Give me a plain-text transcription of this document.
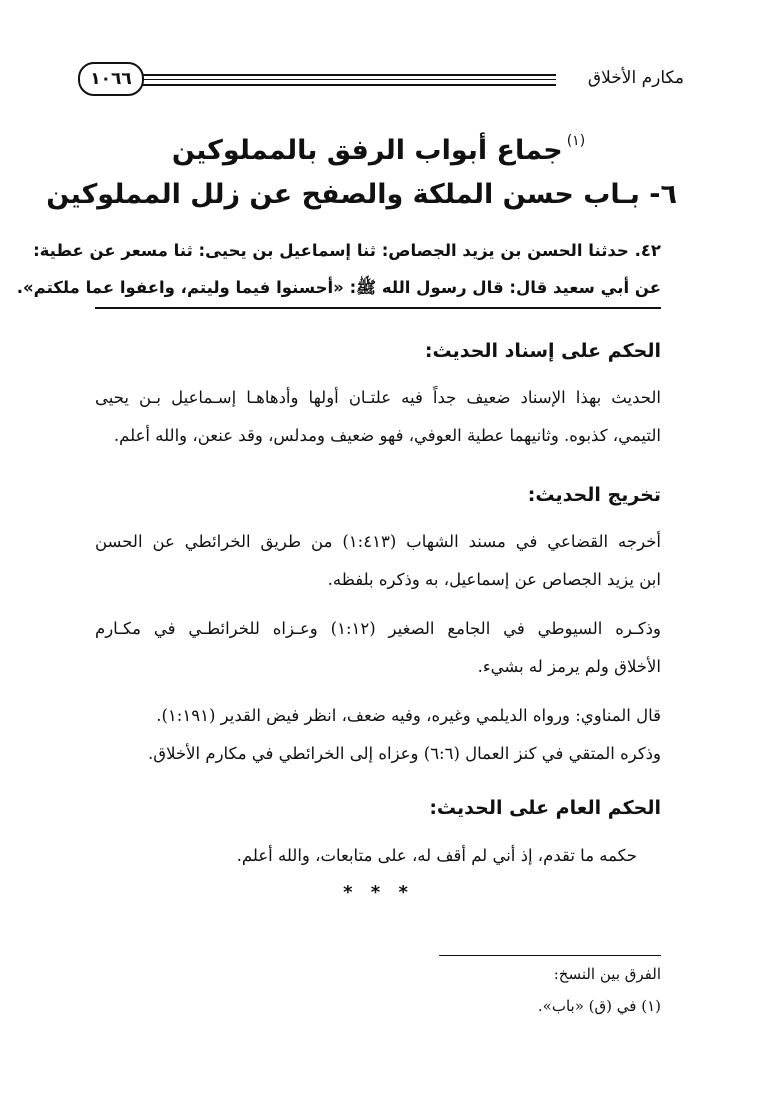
مكارم الأخلاق
١٠٦٦
$^{(١)}$جماع أبواب الرفق بالمملوكين
٦- بـاب حسن الملكة والصفح عن زلل المملوكين

٤٢. حدثنا الحسن بن يزيد الجصاص: ثنا إسماعيل بن يحيى: ثنا مسعر عن عطية:

عن أبي سعيد قال: قال رسول الله ﷺ: «أحسنوا فيما وليتم، واعفوا عما ملكتم».

الحكم على إسناد الحديث:

الحديث بهذا الإسناد ضعيف جداً فيه علتـان أولها وأدهاهـا إسـماعيل بـن يحيى

التيمي، كذبوه. وثانيهما عطية العوفي، فهو ضعيف ومدلس، وقد عنعن، والله أعلم.

تخريج الحديث:

أخرجه القضاعي في مسند الشهاب (١:٤١٣) من طريق الخرائطي عن الحسن

ابن يزيد الجصاص عن إسماعيل، به وذكره بلفظه.

وذكـره السيوطي في الجامع الصغير (١:١٢) وعـزاه للخرائطـي في مكـارم

الأخلاق ولم يرمز له بشيء.

قال المناوي: ورواه الديلمي وغيره، وفيه ضعف، انظر فيض القدير (١:١٩١).

وذكره المتقي في كنز العمال (٦:٦) وعزاه إلى الخرائطي في مكارم الأخلاق.

الحكم العام على الحديث:

حكمه ما تقدم، إذ أني لم أقف له، على متابعات، والله أعلم.

* * *
الفرق بين النسخ:
(١) في (ق) «باب».
